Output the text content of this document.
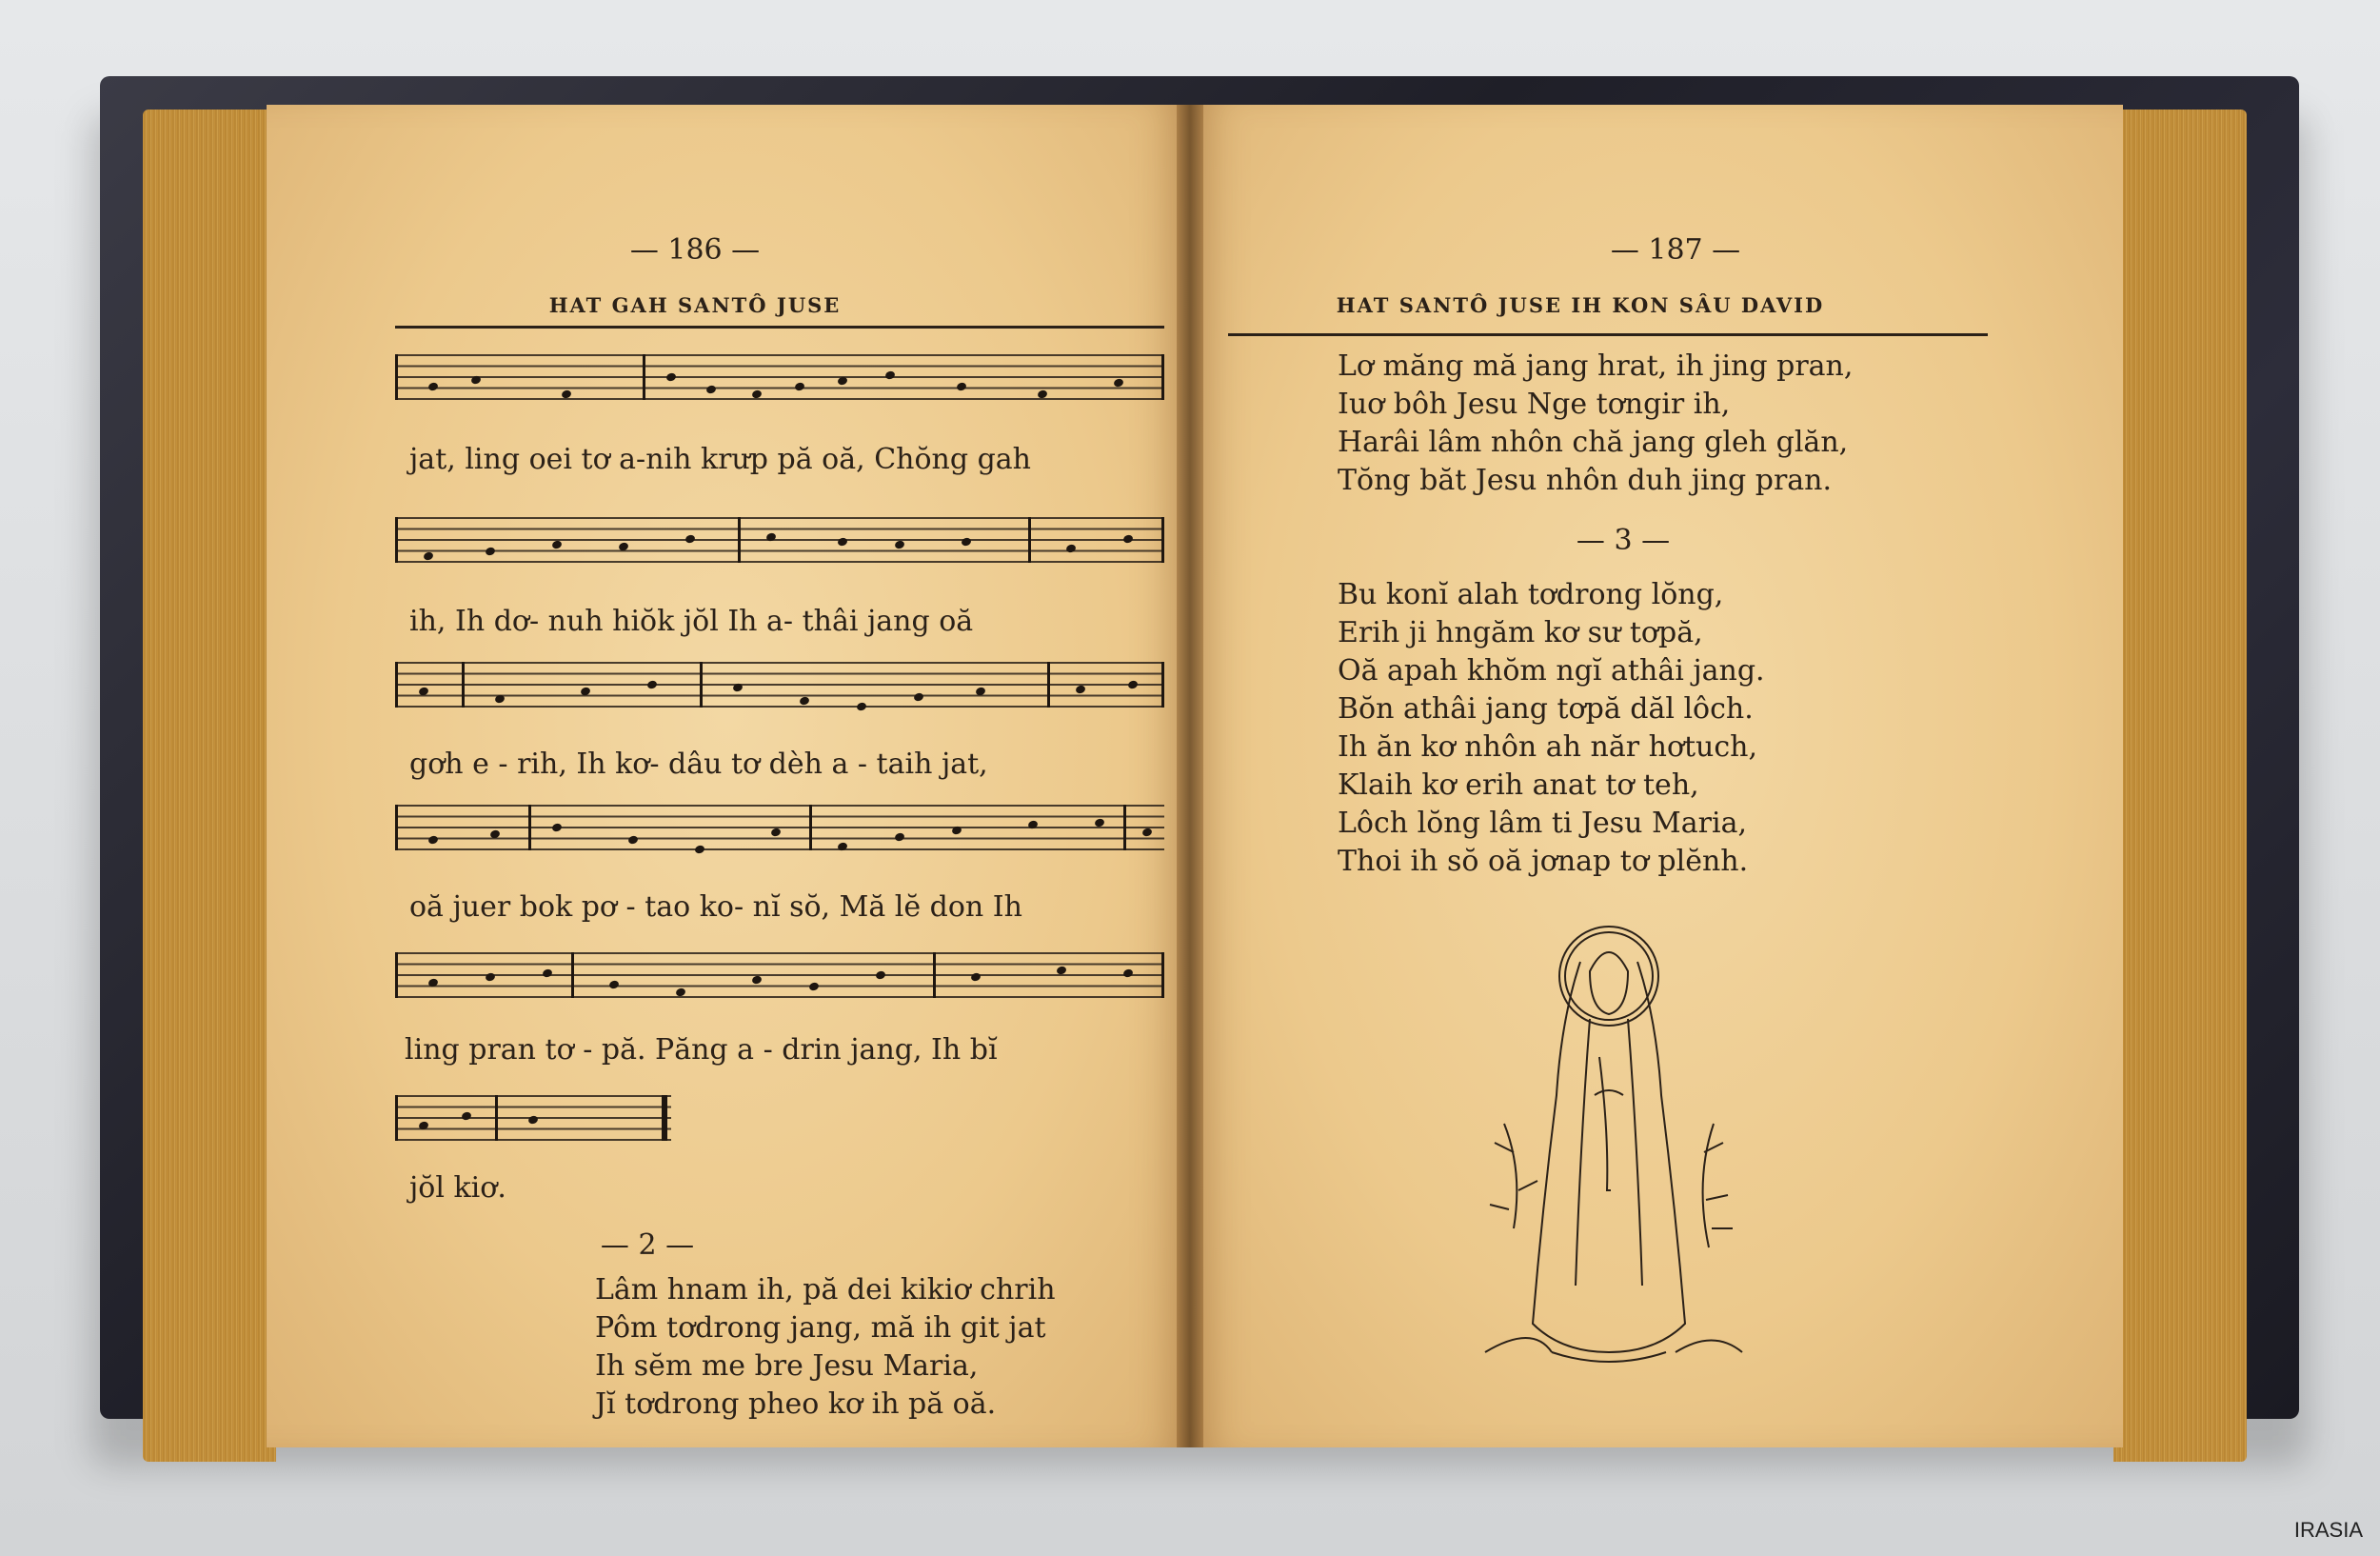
— 186 —
HAT GAH SANTÔ JUSE
jat, ling oei tơ a-nih krưp pă oă, Chŏng gah
ih, Ih dơ- nuh hiŏk jŏl Ih a- thâi jang oă
gơh e - rih, Ih kơ- dâu tơ dèh a - taih jat,
oă juer bok pơ - tao ko- nĭ sŏ, Mă lĕ don Ih
ling pran tơ - pă. Păng a - drin jang, Ih bĭ
jŏl kiơ.
— 2 —
Lâm hnam ih, pă dei kikiơ chrih
Pôm tơdrong jang, mă ih git jat
Ih sĕm me bre Jesu Maria,
Jĭ tơdrong pheo kơ ih pă oă.
— 187 —
HAT SANTÔ JUSE IH KON SÂU DAVID
Lơ măng mă jang hrat, ih jing pran,
Iuơ bôh Jesu Nge tơngir ih,
Harâi lâm nhôn chă jang gleh glăn,
Tŏng băt Jesu nhôn duh jing pran.
— 3 —
Bu konĭ alah tơdrong lŏng,
Erih ji hngăm kơ sư tơpă,
Oă apah khŏm ngĭ athâi jang.
Bŏn athâi jang tơpă dăl lôch.
Ih ăn kơ nhôn ah năr hơtuch,
Klaih kơ erih anat tơ teh,
Lôch lŏng lâm ti Jesu Maria,
Thoi ih sŏ oă jơnap tơ plĕnh.
IRASIA
